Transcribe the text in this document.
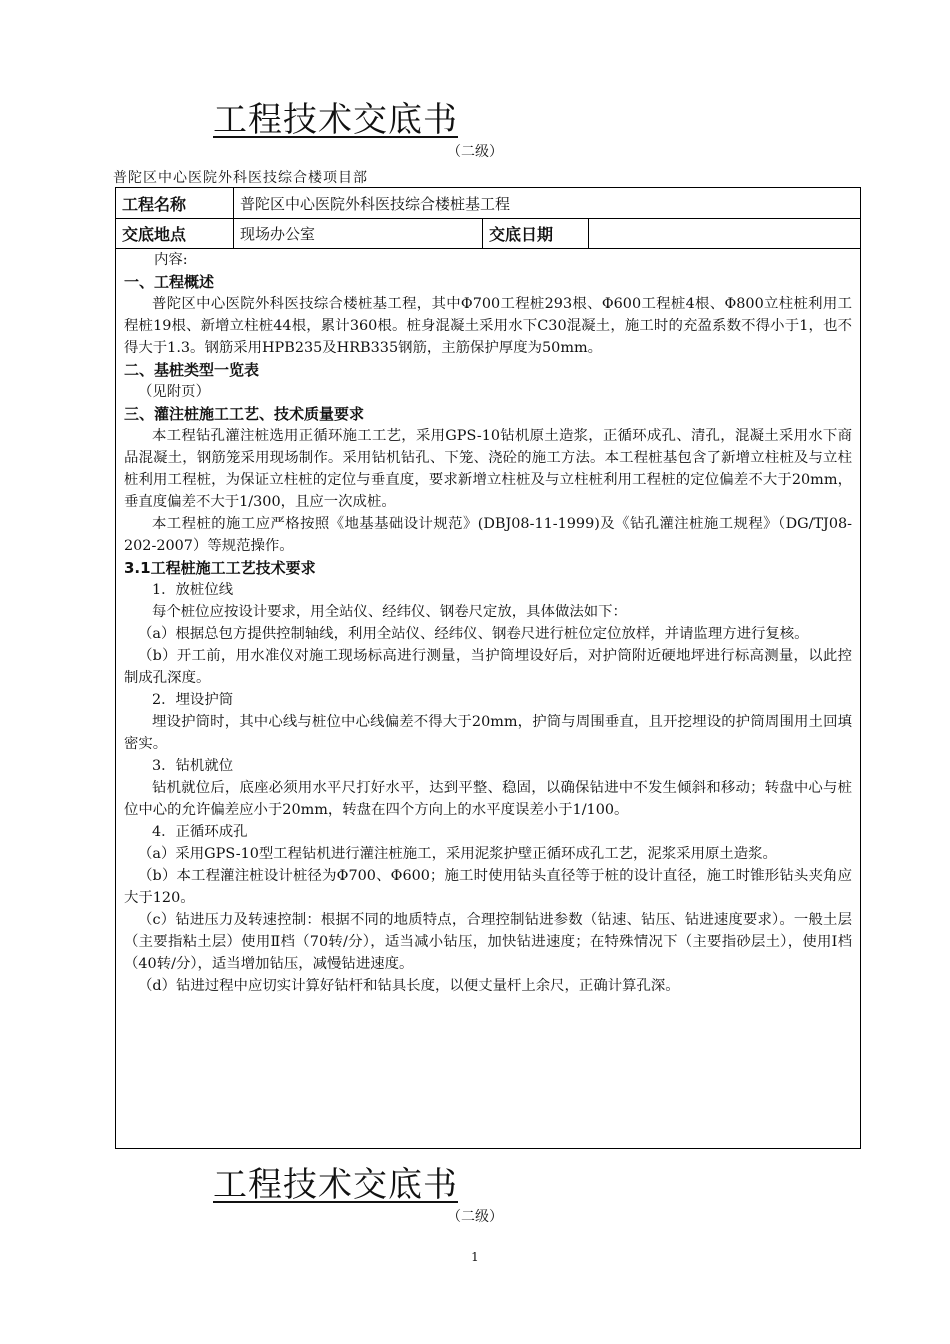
工程技术交底书
（二级）
普陀区中心医院外科医技综合楼项目部
工程名称	普陀区中心医院外科医技综合楼桩基工程
交底地点	现场办公室	交底日期

内容:

一、工程概述

普陀区中心医院外科医技综合楼桩基工程，其中Φ700工程桩293根、Φ600工程桩4根、Φ800立柱桩利用工程桩19根、新增立柱桩44根，累计360根。桩身混凝土采用水下C30混凝土，施工时的充盈系数不得小于1，也不得大于1.3。钢筋采用HPB235及HRB335钢筋，主筋保护厚度为50mm。

二、基桩类型一览表

（见附页）

三、灌注桩施工工艺、技术质量要求

本工程钻孔灌注桩选用正循环施工工艺，采用GPS-10钻机原土造浆，正循环成孔、清孔，混凝土采用水下商品混凝土，钢筋笼采用现场制作。采用钻机钻孔、下笼、浇砼的施工方法。本工程桩基包含了新增立柱桩及与立柱桩利用工程桩，为保证立柱桩的定位与垂直度，要求新增立柱桩及与立柱桩利用工程桩的定位偏差不大于20mm，垂直度偏差不大于1/300，且应一次成桩。

本工程桩的施工应严格按照《地基基础设计规范》(DBJ08-11-1999)及《钻孔灌注桩施工规程》（DG/TJ08-202-2007）等规范操作。

3.1工程桩施工工艺技术要求

1．放桩位线

每个桩位应按设计要求，用全站仪、经纬仪、钢卷尺定放，具体做法如下：

（a）根据总包方提供控制轴线，利用全站仪、经纬仪、钢卷尺进行桩位定位放样，并请监理方进行复核。

（b）开工前，用水准仪对施工现场标高进行测量，当护筒埋设好后，对护筒附近硬地坪进行标高测量，以此控制成孔深度。

2．埋设护筒

埋设护筒时，其中心线与桩位中心线偏差不得大于20mm，护筒与周围垂直，且开挖埋设的护筒周围用土回填密实。

3．钻机就位

钻机就位后，底座必须用水平尺打好水平，达到平整、稳固，以确保钻进中不发生倾斜和移动；转盘中心与桩位中心的允许偏差应小于20mm，转盘在四个方向上的水平度误差小于1/100。

4．正循环成孔

（a）采用GPS-10型工程钻机进行灌注桩施工，采用泥浆护壁正循环成孔工艺，泥浆采用原土造浆。

（b）本工程灌注桩设计桩径为Φ700、Φ600；施工时使用钻头直径等于桩的设计直径，施工时锥形钻头夹角应大于120。

（c）钻进压力及转速控制：根据不同的地质特点，合理控制钻进参数（钻速、钻压、钻进速度要求）。一般土层（主要指粘土层）使用Ⅱ档（70转/分），适当减小钻压，加快钻进速度；在特殊情况下（主要指砂层土），使用Ⅰ档（40转/分），适当增加钻压，减慢钻进速度。

（d）钻进过程中应切实计算好钻杆和钻具长度，以便丈量杆上余尺，正确计算孔深。

工程技术交底书
（二级）
1
